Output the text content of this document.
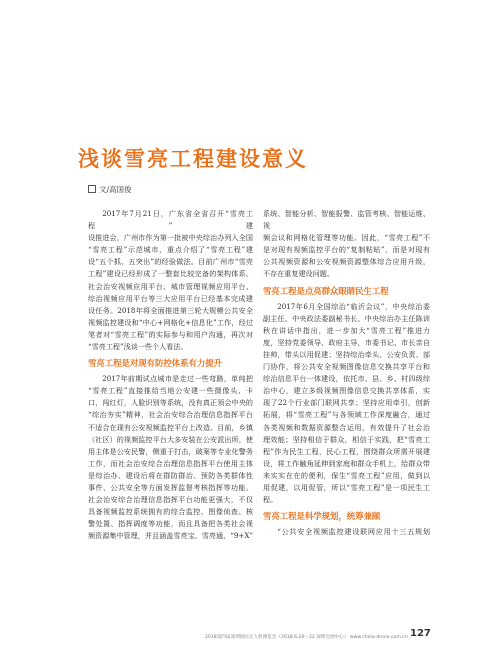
浅谈雪亮工程建设意义
文/高国俊

2017年7月21日，广东省全省召开“雪亮工程”建

设推进会，广州市作为第一批被中央综治办列入全国

“雪亮工程”示范城市，重点介绍了“雪亮工程”建

设“五个抓、五突出”的经验做法。目前广州市“雪亮

工程”建设已经形成了一整套比较完备的架构体系。

社会治安视频应用平台、城市管理视频应用平台、

综治视频应用平台等三大应用平台已经基本完成建

设任务。2018年将全面推进第三轮大规模公共安全

视频监控建设和“中心+网格化+信息化”工作，经过

笔者对“雪亮工程”的实际参与和用户沟通，再次对

“雪亮工程”浅谈一些个人看法。

雪亮工程是对现有防控体系有力提升

2017年前期试点城市是走过一些弯路，单纯把

“雪亮工程”直接推给当地公安建一些摄像头、卡

口，闯红灯，人脸识别等系统，没有真正领会中央的

“综治夯实”精神，社会治安综合治理信息指挥平台

不适合在现有公安视频监控平台上改造。目前，乡镇

（社区）的视频监控平台大多安装在公安派出所，使

用主体是公安民警，侧重于打击，破案等专业化警务

工作，而社会治安综合治理信息指挥平台使用主体

是综治办、建设后将在群防群治、预防各类群体性

事件、公共安全等方面发挥监督考核指挥等功能。

社会治安综合治理信息指挥平台功能更强大，不仅

具备视频监控系统拥有的综合监控、图像侦查、核

警处置、指挥调度等功能，而且具备把各类社会视

频资源集中管理，并且涵盖雪亮宝、雪亮通、“9+X”

系统、智能分析、智能报警、监管考核、智能运维、视

频会议和网格化管理等功能。因此，“雪亮工程”不

是对现有视频监控平台的“复制粘贴”，而是对现有

公共视频资源和公安视频资源整体综合应用升级，

不存在重复建设问题。

雪亮工程是点亮群众眼睛民生工程

2017年6月全国综治“临沂会议”，中央综治委

副主任、中央政法委副秘书长、中央综治办主任陈训

秋在讲话中指出，进一步加大“雪亮工程”推进力

度，坚持党委领导、政府主导，市委书记、市长亲自

挂帅，带头以用促建；坚持综治牵头、公安负责、部

门协作，将公共安全视频图像信息交换共享平台和

综治信息平台一体建设，依托市、县、乡、村四级综

治中心，建立多级视频图像信息交换共享体系，实

现了22个行业部门联网共享；坚持应用牵引，创新

拓展，将“雪亮工程”与各领域工作深度融合，通过

各类视频和数据资源整合运用，有效提升了社会治

理效能；坚持相信于群众，相信于实践，把“雪亮工

程”作为民生工程，民心工程，围绕群众所需开展建

设，将工作触角延伸到家庭和群众手机上，给群众带

来实实在在的便利，保生“雪亮工程”应用，做到以

用促建，以用促管，所以“雪亮工程”是一项民生工

程。

雪亮工程是科学规划，统筹兼顾

“公共安全视频监控建设联网应用十三五规划

2018第四届深圳国际无人机博览会（2018.6.20－22 深圳会展中心） www.china-drone.com.cn 127
